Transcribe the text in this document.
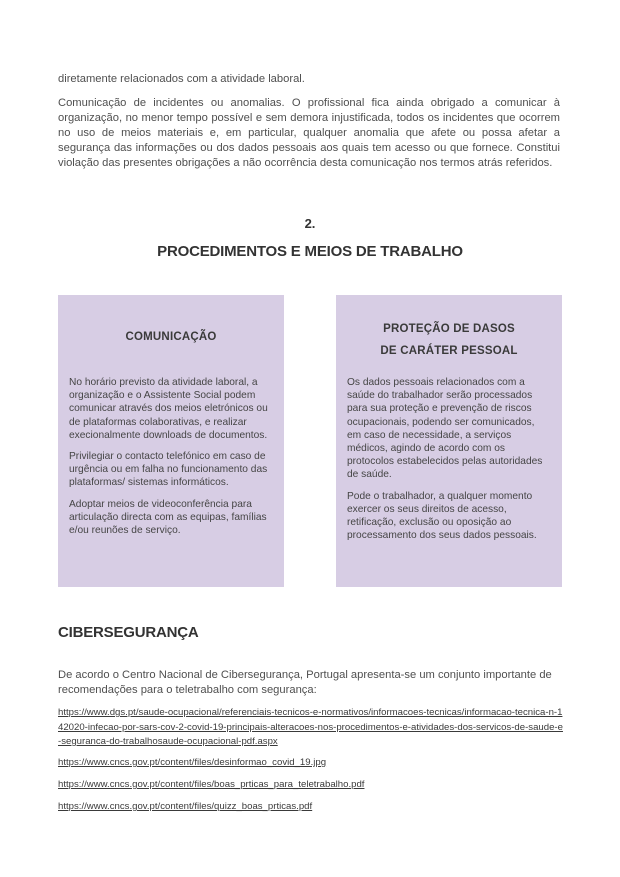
diretamente relacionados com a atividade laboral.
Comunicação de incidentes ou anomalias. O profissional fica ainda obrigado a comunicar à organização, no menor tempo possível e sem demora injustificada, todos os incidentes que ocorrem no uso de meios materiais e, em particular, qualquer anomalia que afete ou possa afetar a segurança das informações ou dos dados pessoais aos quais tem acesso ou que fornece. Constitui violação das presentes obrigações a não ocorrência desta comunicação nos termos atrás referidos.
2.
PROCEDIMENTOS E MEIOS DE TRABALHO
COMUNICAÇÃO

No horário previsto da atividade laboral, a organização e o Assistente Social podem comunicar através dos meios eletrónicos ou de plataformas colaborativas, e realizar execionalmente downloads de documentos.

Privilegiar o contacto telefónico em caso de urgência ou em falha no funcionamento das plataformas/ sistemas informáticos.

Adoptar meios de videoconferência para articulação directa com as equipas, famílias e/ou reunões de serviço.

PROTEÇÃO DE DASOS
DE CARÁTER PESSOAL

Os dados pessoais relacionados com a saúde do trabalhador serão processados para sua proteção e prevenção de riscos ocupacionais, podendo ser comunicados, em caso de necessidade, a serviços médicos, agindo de acordo com os protocolos estabelecidos pelas autoridades de saúde.

Pode o trabalhador, a qualquer momento exercer os seus direitos de acesso, retificação, exclusão ou oposição ao processamento dos seus dados pessoais.

CIBERSEGURANÇA
De acordo o Centro Nacional de Cibersegurança, Portugal apresenta-se um conjunto importante de recomendações para o teletrabalho com segurança:
https://www.dgs.pt/saude-ocupacional/referenciais-tecnicos-e-normativos/informacoes-tecnicas/informacao-tecnica-n-142020-infecao-por-sars-cov-2-covid-19-principais-alteracoes-nos-procedimentos-e-atividades-dos-servicos-de-saude-e-seguranca-do-trabalhosaude-ocupacional-pdf.aspx
https://www.cncs.gov.pt/content/files/desinformao_covid_19.jpg
https://www.cncs.gov.pt/content/files/boas_prticas_para_teletrabalho.pdf
https://www.cncs.gov.pt/content/files/quizz_boas_prticas.pdf
